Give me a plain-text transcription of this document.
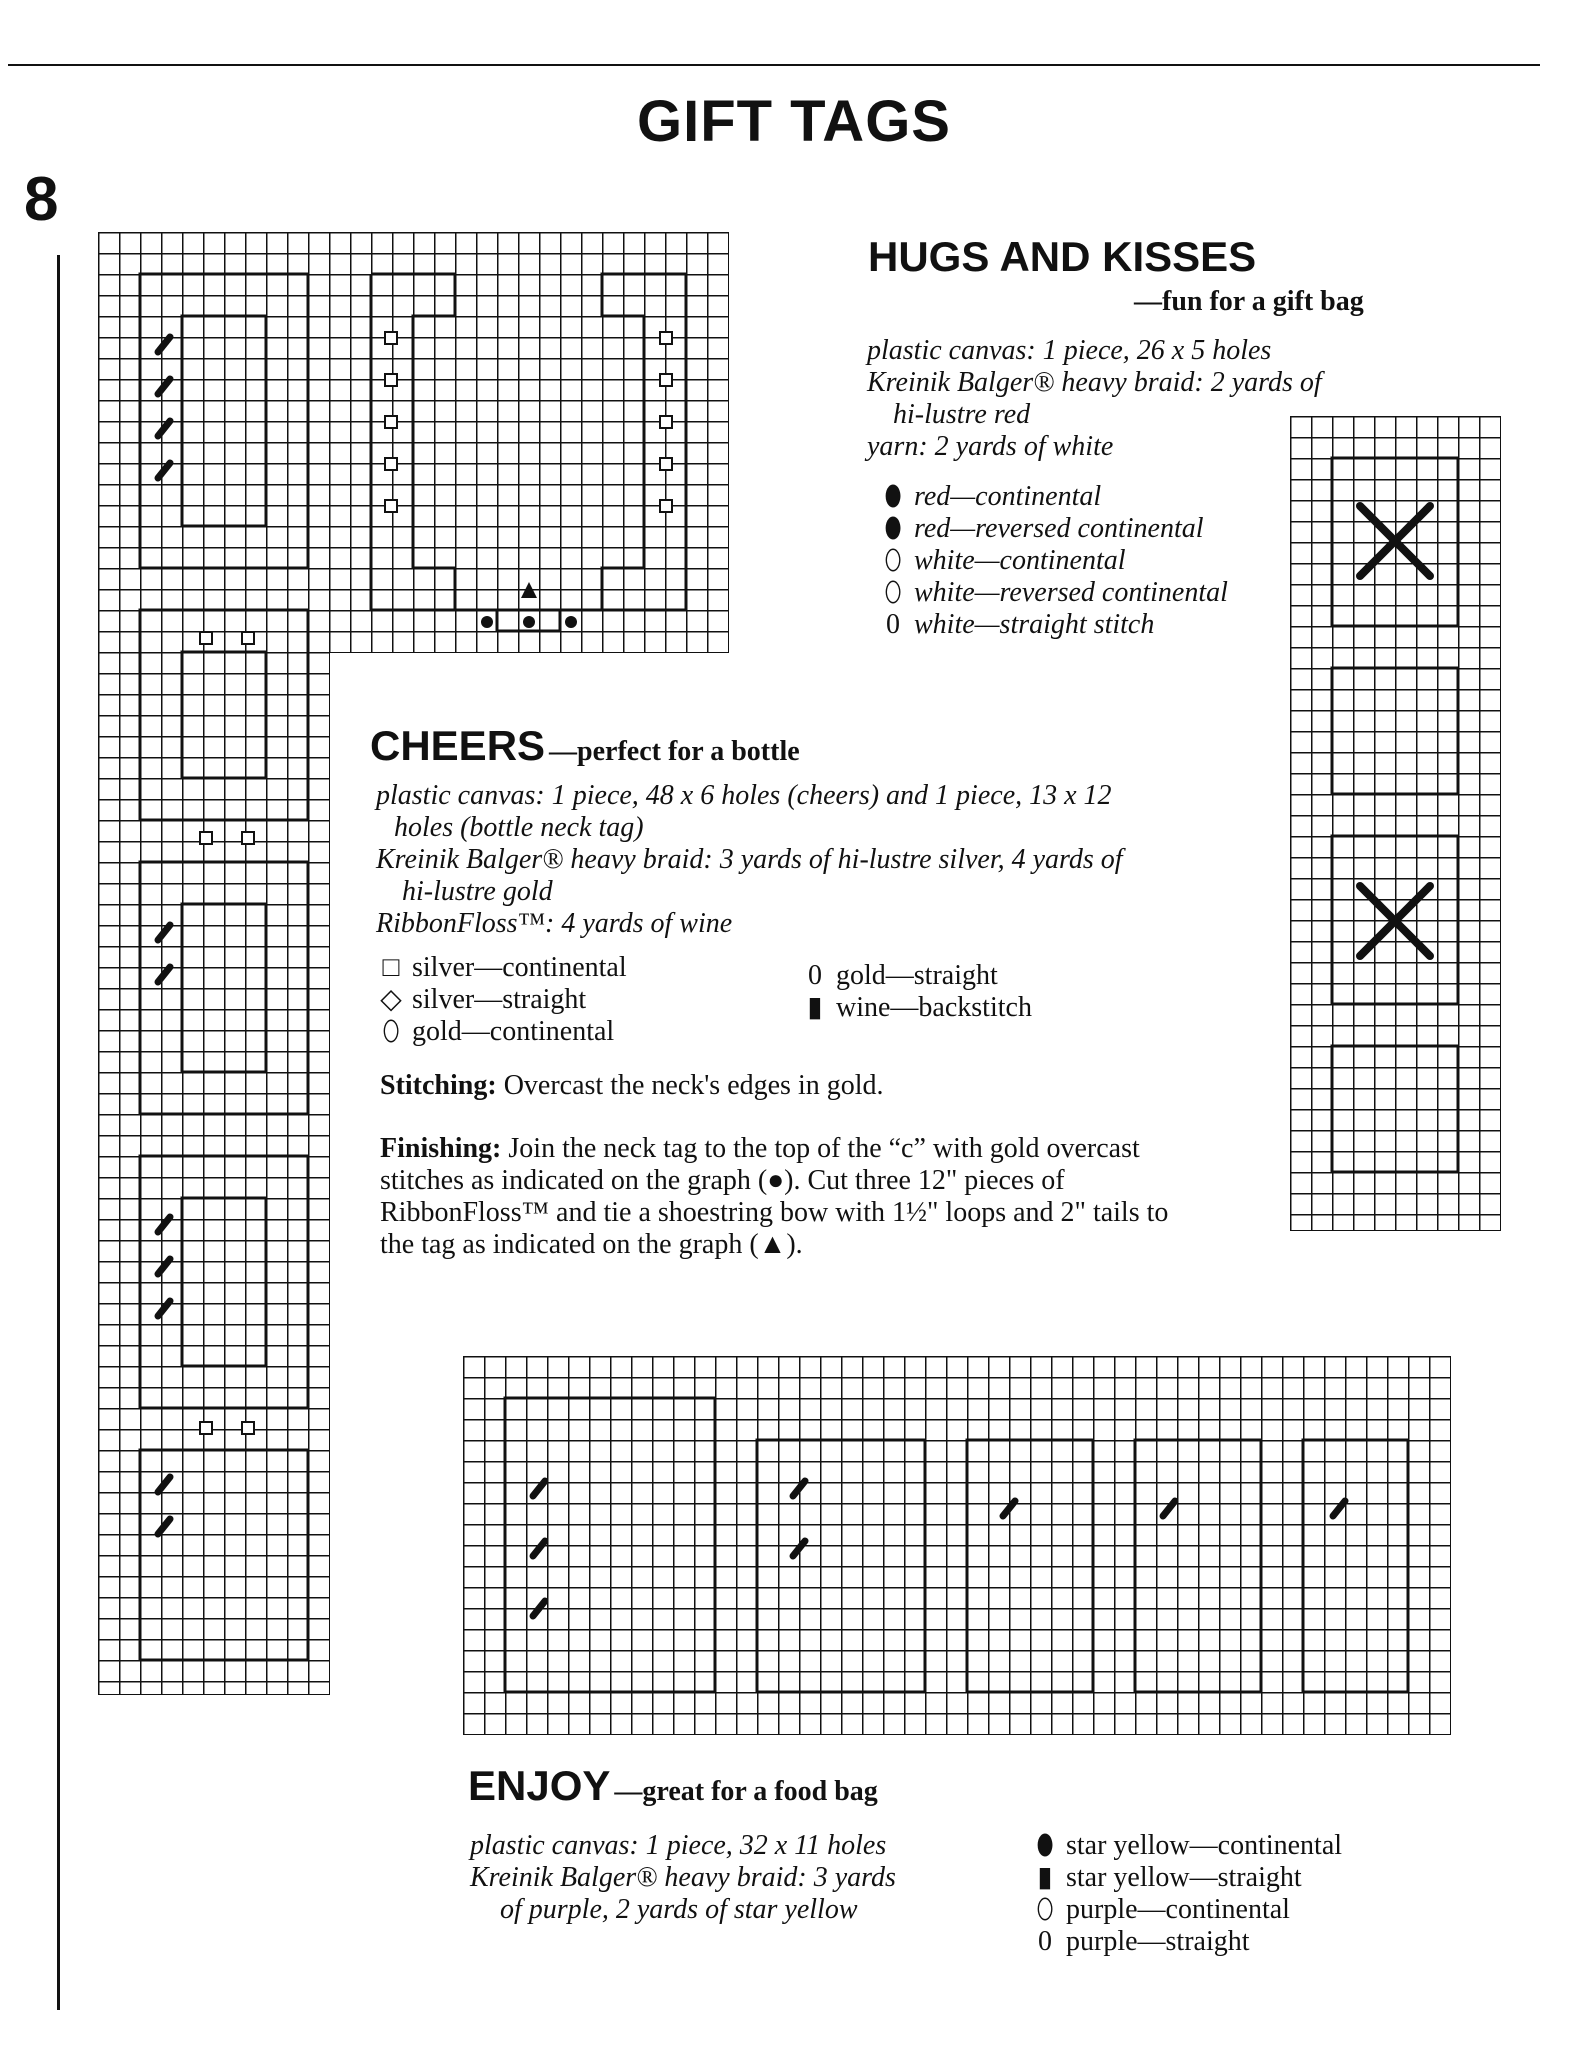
8
GIFT TAGS
HUGS AND KISSES
—fun for a gift bag
plastic canvas: 1 piece, 26 x 5 holes
Kreinik Balger® heavy braid: 2 yards of
hi-lustre red
yarn: 2 yards of white
⬮ red—continental
⬮ red—reversed continental
⬯ white—continental
⬯ white—reversed continental
0 white—straight stitch
CHEERS —perfect for a bottle
plastic canvas: 1 piece, 48 x 6 holes (cheers) and 1 piece, 13 x 12
holes (bottle neck tag)
Kreinik Balger® heavy braid: 3 yards of hi-lustre silver, 4 yards of
hi-lustre gold
RibbonFloss™: 4 yards of wine
□ silver—continental
◇ silver—straight
⬯ gold—continental
0 gold—straight
▮ wine—backstitch
Stitching: Overcast the neck's edges in gold.
Finishing: Join the neck tag to the top of the “c” with gold overcast
stitches as indicated on the graph (●). Cut three 12" pieces of
RibbonFloss™ and tie a shoestring bow with 1½" loops and 2" tails to
the tag as indicated on the graph (▲).
ENJOY —great for a food bag
plastic canvas: 1 piece, 32 x 11 holes
Kreinik Balger® heavy braid: 3 yards
of purple, 2 yards of star yellow
⬮ star yellow—continental
▮ star yellow—straight
⬯ purple—continental
0 purple—straight
